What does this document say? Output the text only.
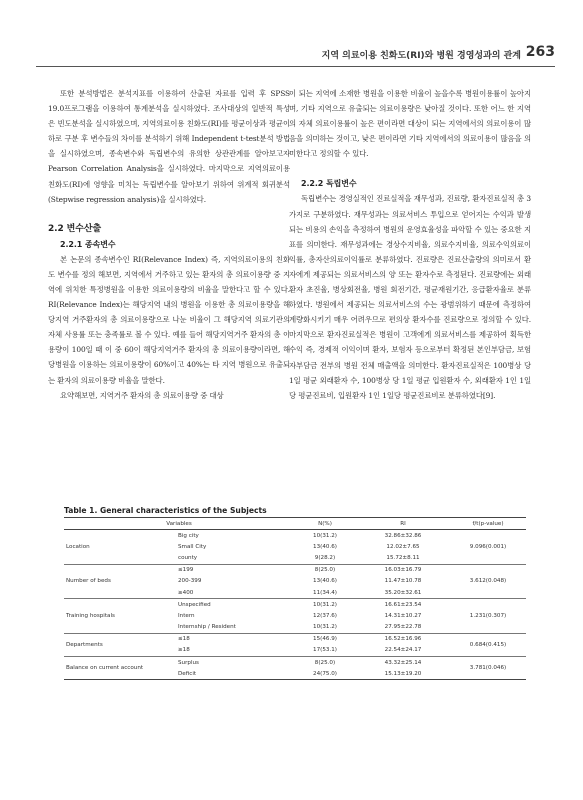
지역 의료이용 친화도(RI)와 병원 경영성과의 관계 263

또한 분석방법은 분석지표를 이용하여 산출된 자료를 입력 후 SPSS 19.0프로그램을 이용하여 통계분석을 실시하였다. 조사대상의 일반적 특성은 빈도분석을 실시하였으며, 지역의료이용 친화도(RI)를 평균이상과 평균이하로 구분 후 변수들의 차이를 분석하기 위해 Independent t-test분석 방법을 실시하였으며, 종속변수와 독립변수의 유의한 상관관계를 알아보고자 Pearson Correlation Analysis을 실시하였다. 마지막으로 지역의료이용 친화도(RI)에 영향을 미치는 독립변수를 알아보기 위하여 위계적 회귀분석(Stepwise regression analysis)을 실시하였다.

2.2 변수산출
2.2.1 종속변수

본 논문의 종속변수인 RI(Relevance Index) 즉, 지역의료이용의 친화도 변수를 정의 해보면, 지역에서 거주하고 있는 환자의 총 의료이용량 중 지역에 위치한 특정병원을 이용한 의료이용량의 비율을 말한다고 할 수 있다. RI(Relevance Index)는 해당지역 내의 병원을 이용한 총 의료이용량을 해당지역 거주환자의 총 의료이용량으로 나눈 비율이 그 해당지역 의료기관의 자체 사용률 또는 충족률로 볼 수 있다. 예를 들어 해당지역거주 환자의 총 이용량이 100일 때 이 중 60이 해당지역거주 환자의 총 의료이용량이라면, 해당병원을 이용하는 의료이용량이 60%이고 40%는 타 지역 병원으로 유출되는 환자의 의료이용량 비율을 말한다.

요약해보면, 지역거주 환자의 총 의료이용량 중 대상

이 되는 지역에 소재한 병원을 이용한 비율이 높을수록 병원이용률이 높아지며, 기타 지역으로 유출되는 의료이용량은 낮아질 것이다. 또한 어느 한 지역의 자체 의료이용률이 높은 편이라면 대상이 되는 지역에서의 의료이용이 많음을 의미하는 것이고, 낮은 편이라면 기타 지역에서의 의료이용이 많음을 의미한다고 정의할 수 있다.

2.2.2 독립변수

독립변수는 경영실적인 진료실적을 재무성과, 진료량, 환자진료실적 총 3가지로 구분하였다. 재무성과는 의료서비스 투입으로 얻어지는 수익과 발생되는 비용의 손익을 측정하여 병원의 운영효율성을 파악할 수 있는 중요한 지표를 의미한다. 재무성과에는 경상수지비율, 의료수지비율, 의료수익의료이익률, 총자산의료이익률로 분류하였다. 진료량은 진료산출량의 의미로서 환자에게 제공되는 의료서비스의 양 또는 환자수로 측정된다. 진료량에는 외래환자 초진율, 병상회전율, 병원 회전기간, 평균재원기간, 응급환자율로 분류하였다. 병원에서 제공되는 의료서비스의 수는 광범위하기 때문에 측정하여 계량화시키기 매우 어려우므로 편의상 환자수를 진료량으로 정의할 수 있다. 마지막으로 환자진료실적은 병원이 고객에게 의료서비스를 제공하여 획득한 수익 즉, 경제적 이익이며 환자, 보험자 등으로부터 확정된 본인부담금, 보험자부담금 전부의 병원 전체 매출액을 의미한다. 환자진료실적은 100병상 당 1일 평균 외래환자 수, 100병상 당 1일 평균 입원환자 수, 외래환자 1인 1일당 평균진료비, 입원환자 1인 1일당 평균진료비로 분류하였다[9].

Table 1. General characteristics of the Subjects
Variables		N(%)	RI	f/t(p-value)
Location	Big city	10(31.2)	32.86±32.86	9.096(0.001)
	Small City	13(40.6)	12.02±7.65	
	county	9(28.2)	15.72±8.11	
Number of beds	≤199	8(25.0)	16.03±16.79	3.612(0.048)
	200-399	13(40.6)	11.47±10.78	
	≥400	11(34.4)	35.20±32.61	
Training hospitals	Unspecified	10(31.2)	16.61±23.54	1.231(0.307)
	Intern	12(37.6)	14.31±10.27	
	Internship / Resident	10(31.2)	27.95±22.78	
Departments	≤18	15(46.9)	16.52±16.96	0.684(0.415)
	≥18	17(53.1)	22.54±24.17	
Balance on current account	Surplus	8(25.0)	43.32±25.14	3.781(0.046)
	Deficit	24(75.0)	15.13±19.20	
